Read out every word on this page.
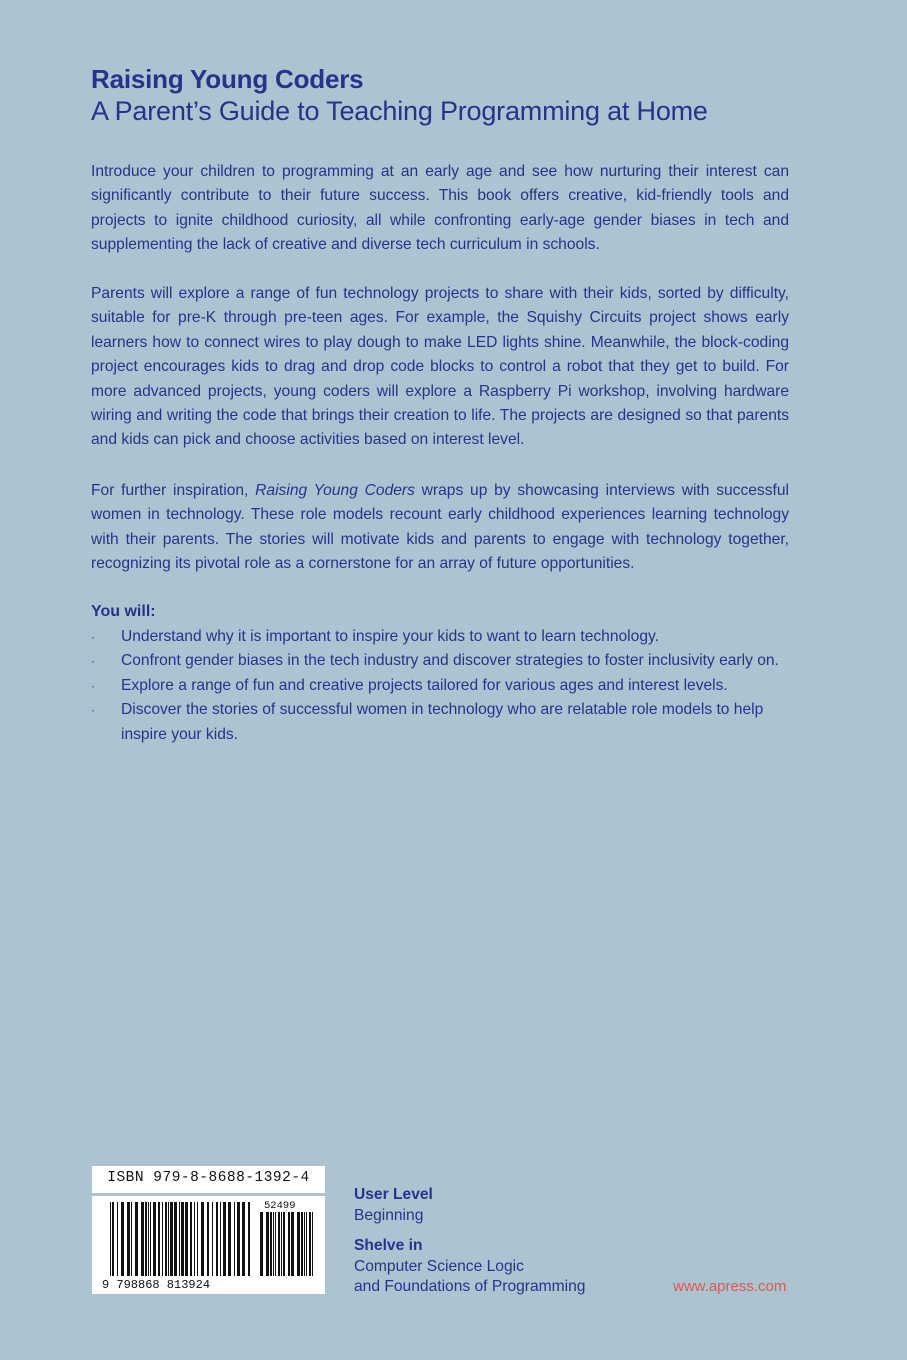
Raising Young Coders
A Parent’s Guide to Teaching Programming at Home

Introduce your children to programming at an early age and see how nurturing their interest can significantly contribute to their future success. This book offers creative, kid-friendly tools and projects to ignite childhood curiosity, all while confronting early-age gender biases in tech and supplementing the lack of creative and diverse tech curriculum in schools.

Parents will explore a range of fun technology projects to share with their kids, sorted by difficulty, suitable for pre-K through pre-teen ages. For example, the Squishy Circuits project shows early learners how to connect wires to play dough to make LED lights shine. Meanwhile, the block-coding project encourages kids to drag and drop code blocks to control a robot that they get to build. For more advanced projects, young coders will explore a Raspberry Pi workshop, involving hardware wiring and writing the code that brings their creation to life. The projects are designed so that parents and kids can pick and choose activities based on interest level.

For further inspiration, Raising Young Coders wraps up by showcasing interviews with successful women in technology. These role models recount early childhood experiences learning technology with their parents. The stories will motivate kids and parents to engage with technology together, recognizing its pivotal role as a cornerstone for an array of future opportunities.

You will:
·	Understand why it is important to inspire your kids to want to learn technology.
·	Confront gender biases in the tech industry and discover strategies to foster inclusivity early on.
·	Explore a range of fun and creative projects tailored for various ages and interest levels.
·	Discover the stories of successful women in technology who are relatable role models to help inspire your kids.
ISBN 979-8-8688-1392-4
9 798868 813924
52499
User Level
Beginning
Shelve in
Computer Science Logic
and Foundations of Programming	www.apress.com
